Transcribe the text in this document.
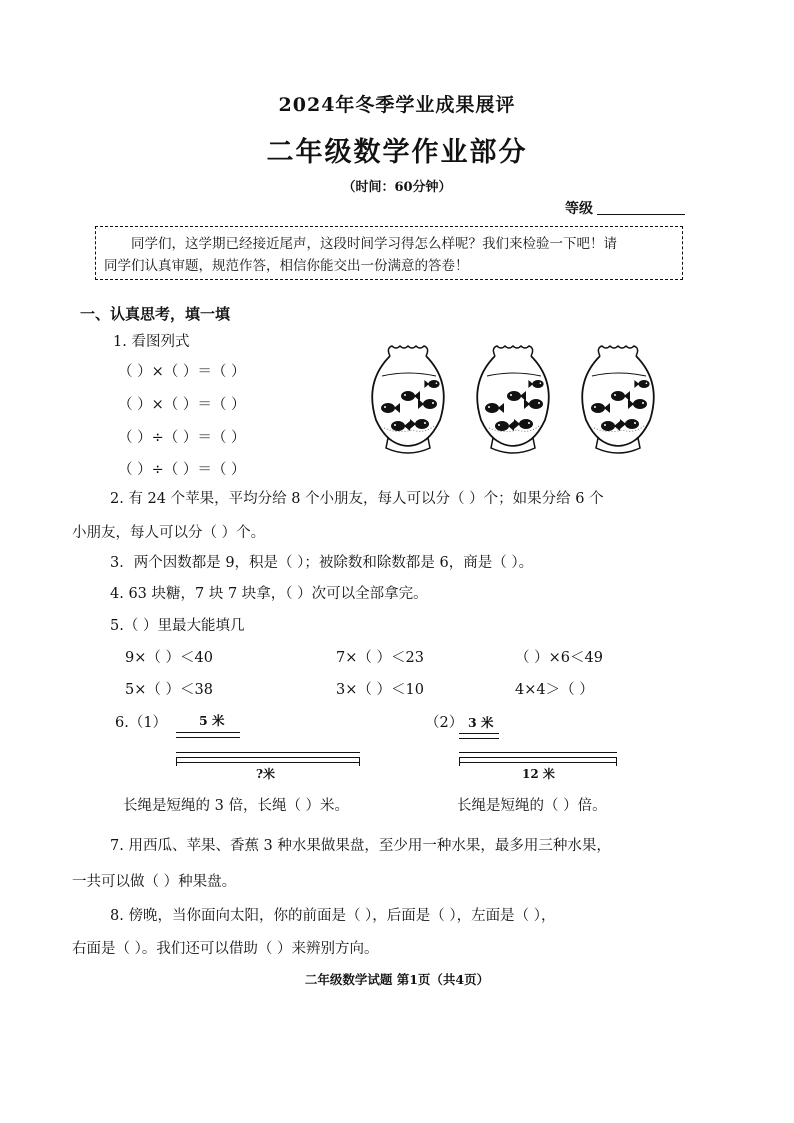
2024年冬季学业成果展评
二年级数学作业部分
（时间：60分钟）
等级

同学们，这学期已经接近尾声，这段时间学习得怎么样呢？我们来检验一下吧！请

同学们认真审题，规范作答，相信你能交出一份满意的答卷！

一、认真思考，填一填
1. 看图列式
（ ）×（ ）＝（ ）
（ ）×（ ）＝（ ）
（ ）÷（ ）＝（ ）
（ ）÷（ ）＝（ ）
2. 有 24 个苹果，平均分给 8 个小朋友，每人可以分（ ）个；如果分给 6 个
小朋友，每人可以分（ ）个。
3．两个因数都是 9，积是（ ）；被除数和除数都是 6，商是（ ）。
4. 63 块糖，7 块 7 块拿，（ ）次可以全部拿完。
5.（ ）里最大能填几
9×（ ）＜40	7×（ ）＜23	（ ）×6＜49
5×（ ）＜38	3×（ ）＜10	4×4＞（ ）
6.（1）	5 米
?米
（2） 3 米
12 米
长绳是短绳的 3 倍，长绳（ ）米。	长绳是短绳的（ ）倍。
7. 用西瓜、苹果、香蕉 3 种水果做果盘，至少用一种水果，最多用三种水果，
一共可以做（ ）种果盘。
8. 傍晚，当你面向太阳，你的前面是（ ），后面是（ ），左面是（ ），
右面是（ ）。我们还可以借助（ ）来辨别方向。
二年级数学试题 第1页（共4页）
